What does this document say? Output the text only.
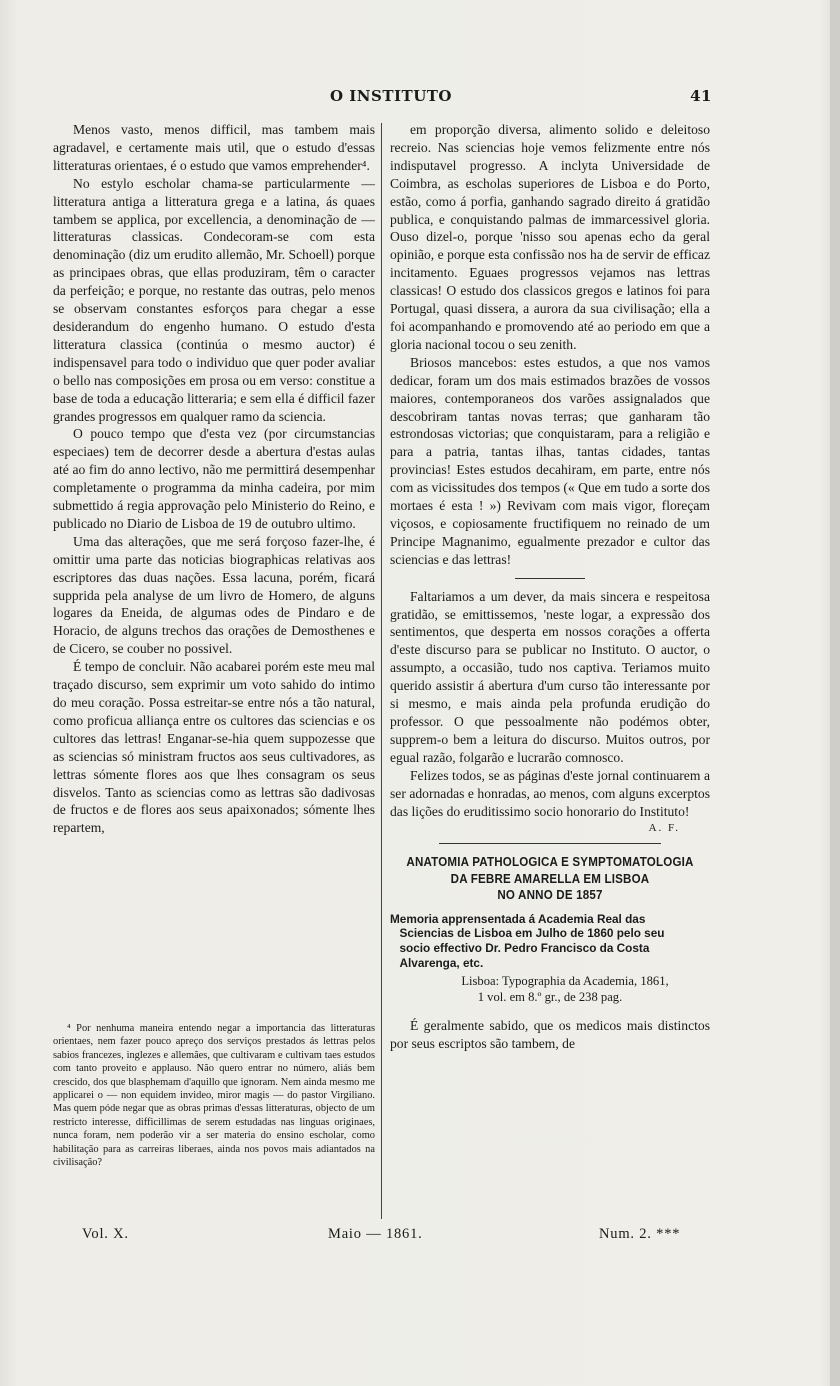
O INSTITUTO	41

Menos vasto, menos difficil, mas tambem mais agradavel, e certamente mais util, que o estudo d'essas litteraturas orientaes, é o estudo que vamos emprehender⁴.

No estylo escholar chama-se particularmente — litteratura antiga a litteratura grega e a latina, ás quaes tambem se applica, por excellencia, a denominação de — litteraturas classicas. Condecoram-se com esta denominação (diz um erudito allemão, Mr. Schoell) porque as principaes obras, que ellas produziram, têm o caracter da perfeição; e porque, no restante das outras, pelo menos se observam constantes esforços para chegar a esse desiderandum do engenho humano. O estudo d'esta litteratura classica (continúa o mesmo auctor) é indispensavel para todo o individuo que quer poder avaliar o bello nas composições em prosa ou em verso: constitue a base de toda a educação litteraria; e sem ella é difficil fazer grandes progressos em qualquer ramo da sciencia.

O pouco tempo que d'esta vez (por circumstancias especiaes) tem de decorrer desde a abertura d'estas aulas até ao fim do anno lectivo, não me permittirá desempenhar completamente o programma da minha cadeira, por mim submettido á regia approvação pelo Ministerio do Reino, e publicado no Diario de Lisboa de 19 de outubro ultimo.

Uma das alterações, que me será forçoso fazer-lhe, é omittir uma parte das noticias biographicas relativas aos escriptores das duas nações. Essa lacuna, porém, ficará supprida pela analyse de um livro de Homero, de alguns logares da Eneida, de algumas odes de Pindaro e de Horacio, de alguns trechos das orações de Demosthenes e de Cicero, se couber no possivel.

É tempo de concluir. Não acabarei porém este meu mal traçado discurso, sem exprimir um voto sahido do intimo do meu coração. Possa estreitar-se entre nós a tão natural, como proficua alliança entre os cultores das sciencias e os cultores das lettras! Enganar-se-hia quem suppozesse que as sciencias só ministram fructos aos seus cultivadores, as lettras sómente flores aos que lhes consagram os seus disvelos. Tanto as sciencias como as lettras são dadivosas de fructos e de flores aos seus apaixonados; sómente lhes repartem,

⁴ Por nenhuma maneira entendo negar a importancia das litteraturas orientaes, nem fazer pouco apreço dos serviços prestados ás lettras pelos sabios francezes, inglezes e allemães, que cultivaram e cultivam taes estudos com tanto proveito e applauso. Não quero entrar no número, aliás bem crescido, dos que blasphemam d'aquillo que ignoram. Nem ainda mesmo me applicarei o — non equidem invideo, miror magis — do pastor Virgiliano. Mas quem póde negar que as obras primas d'essas litteraturas, objecto de um restricto interesse, difficillimas de serem estudadas nas linguas originaes, nunca foram, nem poderão vir a ser materia do ensino escholar, como habilitação para as carreiras liberaes, ainda nos povos mais adiantados na civilisação?

em proporção diversa, alimento solido e deleitoso recreio. Nas sciencias hoje vemos felizmente entre nós indisputavel progresso. A inclyta Universidade de Coimbra, as escholas superiores de Lisboa e do Porto, estão, como á porfia, ganhando sagrado direito á gratidão publica, e conquistando palmas de immarcessivel gloria. Ouso dizel-o, porque 'nisso sou apenas echo da geral opinião, e porque esta confissão nos ha de servir de efficaz incitamento. Eguaes progressos vejamos nas lettras classicas! O estudo dos classicos gregos e latinos foi para Portugal, quasi dissera, a aurora da sua civilisação; ella a foi acompanhando e promovendo até ao periodo em que a gloria nacional tocou o seu zenith.

Briosos mancebos: estes estudos, a que nos vamos dedicar, foram um dos mais estimados brazões de vossos maiores, contemporaneos dos varões assignalados que descobriram tantas novas terras; que ganharam tão estrondosas victorias; que conquistaram, para a religião e para a patria, tantas ilhas, tantas cidades, tantas provincias! Estes estudos decahiram, em parte, entre nós com as vicissitudes dos tempos (« Que em tudo a sorte dos mortaes é esta ! ») Revivam com mais vigor, floreçam viçosos, e copiosamente fructifiquem no reinado de um Principe Magnanimo, egualmente prezador e cultor das sciencias e das lettras!

Faltariamos a um dever, da mais sincera e respeitosa gratidão, se emittissemos, 'neste logar, a expressão dos sentimentos, que desperta em nossos corações a offerta d'este discurso para se publicar no Instituto. O auctor, o assumpto, a occasião, tudo nos captiva. Teriamos muito querido assistir á abertura d'um curso tão interessante por si mesmo, e mais ainda pela profunda erudição do professor. O que pessoalmente não podémos obter, supprem-o bem a leitura do discurso. Muitos outros, por egual razão, folgarão e lucrarão comnosco.

Felizes todos, se as páginas d'este jornal continuarem a ser adornadas e honradas, ao menos, com alguns excerptos das lições do eruditissimo socio honorario do Instituto!

A. F.
ANATOMIA PATHOLOGICA E SYMPTOMATOLOGIA
DA FEBRE AMARELLA EM LISBOA
NO ANNO DE 1857
Memoria apprensentada á Academia Real das Sciencias de Lisboa em Julho de 1860 pelo seu socio effectivo Dr. Pedro Francisco da Costa Alvarenga, etc.
Lisboa: Typographia da Academia, 1861,
1 vol. em 8.º gr., de 238 pag.

É geralmente sabido, que os medicos mais distinctos por seus escriptos são tambem, de

Vol. X.	Maio — 1861.	Num. 2. ***
